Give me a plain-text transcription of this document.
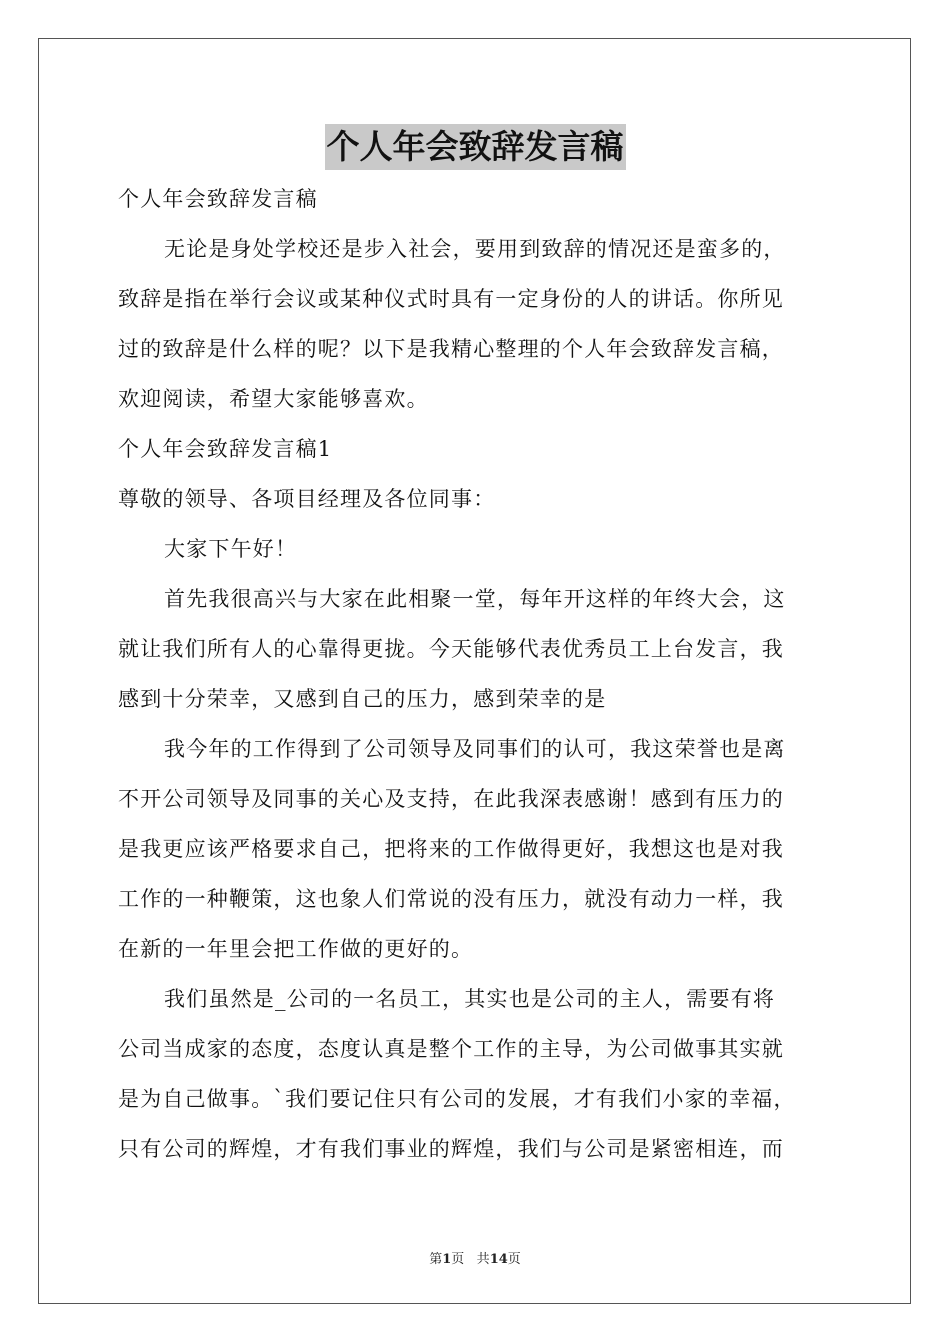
个人年会致辞发言稿
个人年会致辞发言稿
无论是身处学校还是步入社会，要用到致辞的情况还是蛮多的，
致辞是指在举行会议或某种仪式时具有一定身份的人的讲话。你所见
过的致辞是什么样的呢？以下是我精心整理的个人年会致辞发言稿，
欢迎阅读，希望大家能够喜欢。
个人年会致辞发言稿1
尊敬的领导、各项目经理及各位同事：
大家下午好！
首先我很高兴与大家在此相聚一堂，每年开这样的年终大会，这
就让我们所有人的心靠得更拢。今天能够代表优秀员工上台发言，我
感到十分荣幸，又感到自己的压力，感到荣幸的是
我今年的工作得到了公司领导及同事们的认可，我这荣誉也是离
不开公司领导及同事的关心及支持，在此我深表感谢！感到有压力的
是我更应该严格要求自己，把将来的工作做得更好，我想这也是对我
工作的一种鞭策，这也象人们常说的没有压力，就没有动力一样，我
在新的一年里会把工作做的更好的。
我们虽然是_公司的一名员工，其实也是公司的主人，需要有将
公司当成家的态度，态度认真是整个工作的主导，为公司做事其实就
是为自己做事。`我们要记住只有公司的发展，才有我们小家的幸福，
只有公司的辉煌，才有我们事业的辉煌，我们与公司是紧密相连，而
第1页 共14页
